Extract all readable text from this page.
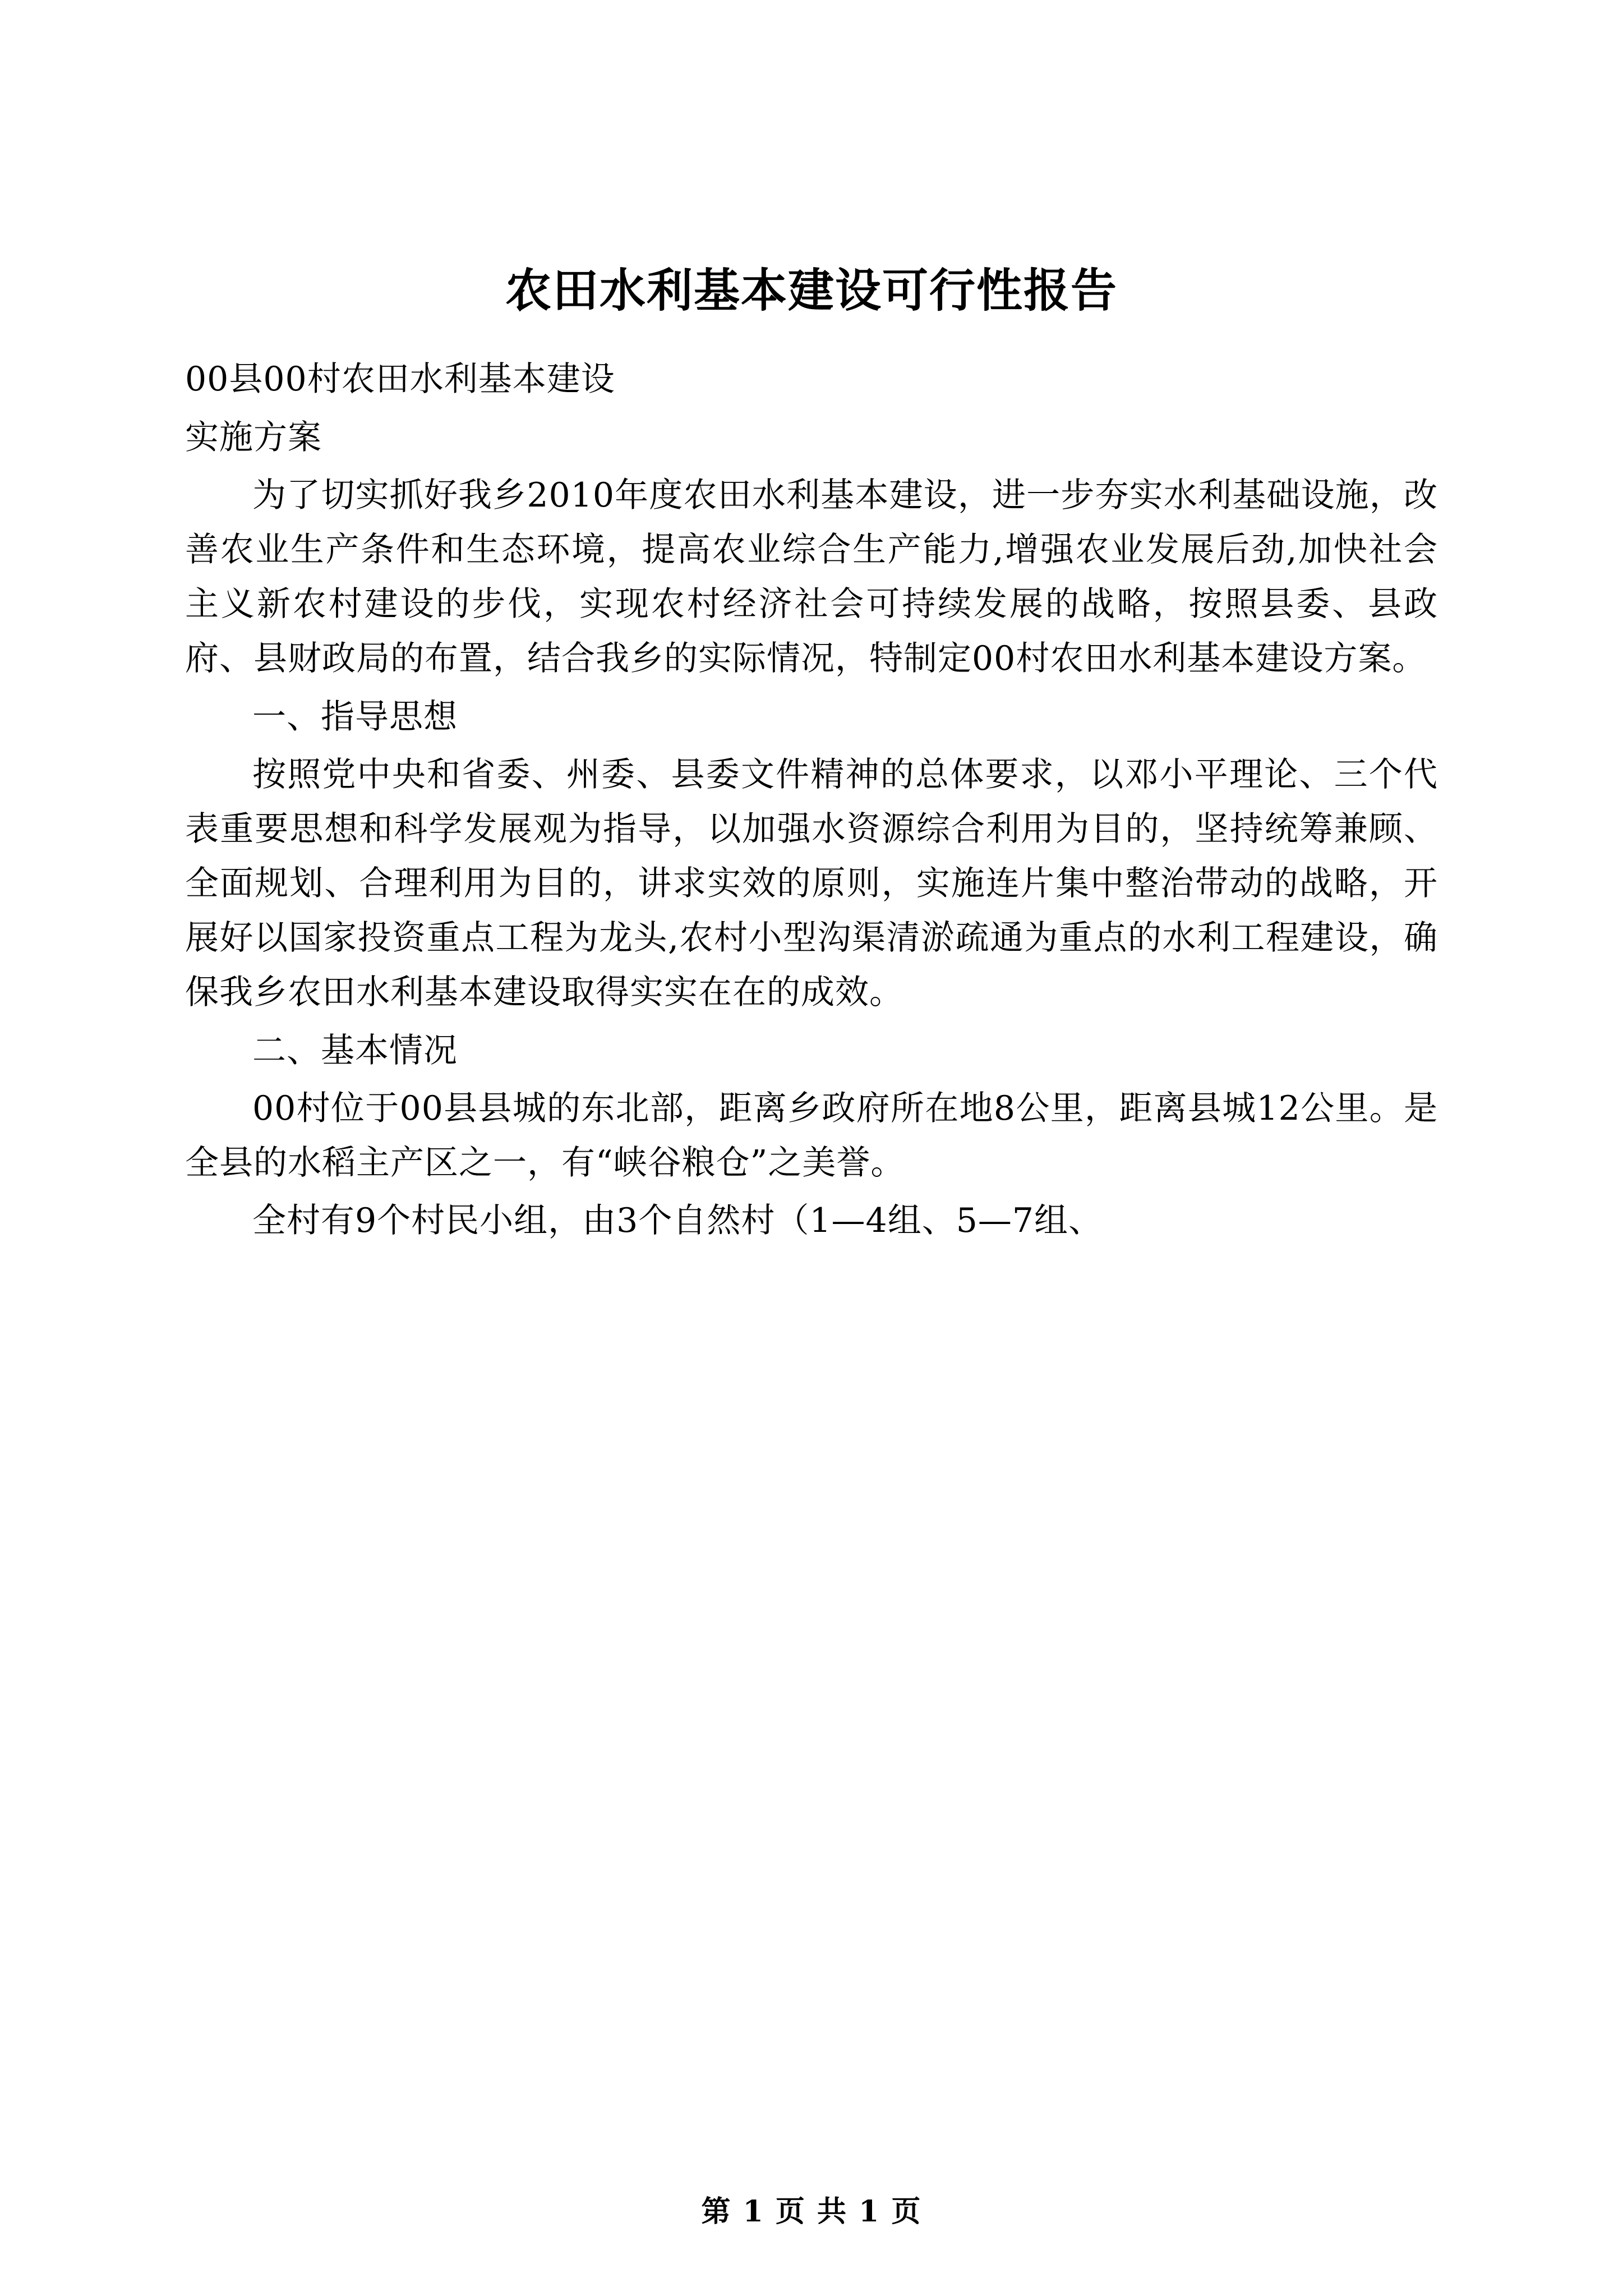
农田水利基本建设可行性报告

00县00村农田水利基本建设

实施方案

为了切实抓好我乡2010年度农田水利基本建设，进一步夯实水利基础设施，改善农业生产条件和生态环境，提高农业综合生产能力,增强农业发展后劲,加快社会主义新农村建设的步伐，实现农村经济社会可持续发展的战略，按照县委、县政府、县财政局的布置，结合我乡的实际情况，特制定00村农田水利基本建设方案。

一、指导思想

按照党中央和省委、州委、县委文件精神的总体要求，以邓小平理论、三个代表重要思想和科学发展观为指导，以加强水资源综合利用为目的，坚持统筹兼顾、全面规划、合理利用为目的，讲求实效的原则，实施连片集中整治带动的战略，开展好以国家投资重点工程为龙头,农村小型沟渠清淤疏通为重点的水利工程建设，确保我乡农田水利基本建设取得实实在在的成效。

二、基本情况

00村位于00县县城的东北部，距离乡政府所在地8公里，距离县城12公里。是全县的水稻主产区之一，有“峡谷粮仓”之美誉。

全村有9个村民小组，由3个自然村（1—4组、5—7组、

第 1 页 共 1 页
